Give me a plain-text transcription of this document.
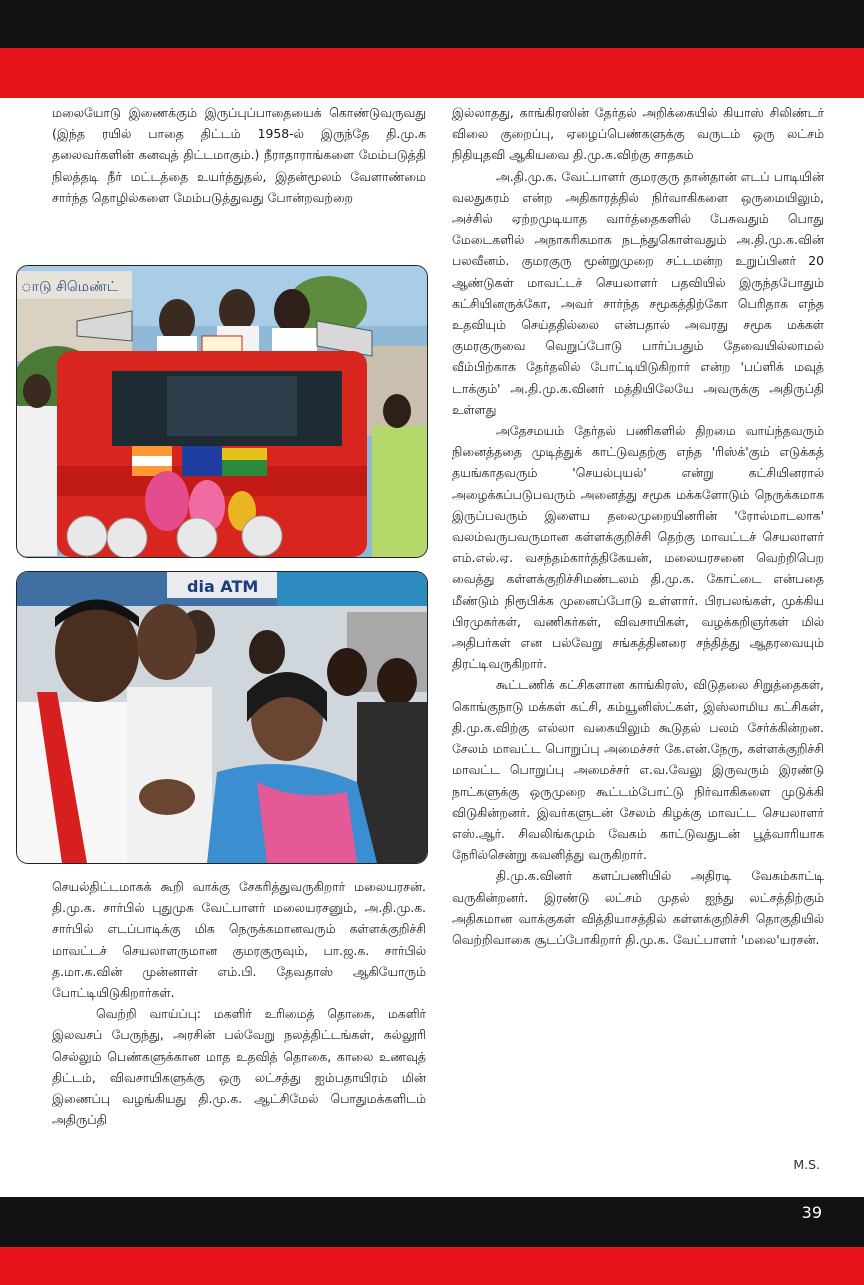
மலையோடு இணைக்கும் இருப்புப்பாதையைக் கொண்டுவருவது (இந்த ரயில் பாதை திட்டம் 1958-ல் இருந்தே தி.மு.க தலைவர்களின் கனவுத் திட்டமாகும்.) நீராதாராங்களை மேம்படுத்தி நிலத்தடி நீர் மட்டத்தை உயர்த்துதல், இதன்மூலம் வேளாண்மை சார்ந்த தொழில்களை மேம்படுத்துவது போன்றவற்றை

ாடு சிமெண்ட்
dia ATM

செயல்திட்டமாகக் கூறி வாக்கு சேகரித்துவருகிறார் மலையரசன். தி.மு.க. சார்பில் புதுமுக வேட்பாளர் மலையரசனும், அ.தி.மு.க. சார்பில் எடப்பாடிக்கு மிக நெருக்கமானவரும் கள்ளக்குறிச்சி மாவட்டச் செயலாளருமான குமரகுருவும், பா.ஜ.க. சார்பில் த.மா.க.வின் முன்னாள் எம்.பி. தேவதாஸ் ஆகியோரும் போட்டியிடுகிறார்கள்.

வெற்றி வாய்ப்பு: மகளிர் உரிமைத் தொகை, மகளிர் இலவசப் பேருந்து, அரசின் பல்வேறு நலத்திட்டங்கள், கல்லூரி செல்லும் பெண்களுக்கான மாத உதவித் தொகை, காலை உணவுத் திட்டம், விவசாயிகளுக்கு ஒரு லட்சத்து ஐம்பதாயிரம் மின் இணைப்பு வழங்கியது தி.மு.க. ஆட்சிமேல் பொதுமக்களிடம் அதிருப்தி

இல்லாதது, காங்கிரஸின் தேர்தல் அறிக்கையில் கியாஸ் சிலிண்டர் விலை குறைப்பு, ஏழைப்பெண்களுக்கு வருடம் ஒரு லட்சம் நிதியுதவி ஆகியவை தி.மு.க.விற்கு சாதகம்

அ.தி.மு.க. வேட்பாளர் குமரகுரு தான்தான் எடப் பாடியின் வலதுகரம் என்ற அதிகாரத்தில் நிர்வாகிகளை ஒருமையிலும், அச்சில் ஏற்றமுடியாத வார்த்தைகளில் பேசுவதும் பொது மேடைகளில் அநாகரிகமாக நடந்துகொள்வதும் அ.தி.மு.க.வின் பலவீனம். குமரகுரு மூன்றுமுறை சட்டமன்ற உறுப்பினர் 20 ஆண்டுகள் மாவட்டச் செயலாளர் பதவியில் இருந்தபோதும் கட்சியினருக்கோ, அவர் சார்ந்த சமூகத்திற்கோ பெரிதாக எந்த உதவியும் செய்ததில்லை என்பதால் அவரது சமூக மக்கள் குமரகுருவை வெறுப்போடு பார்ப்பதும் தேவையில்லாமல் வீம்பிற்காக தேர்தலில் போட்டியிடுகிறார் என்ற 'பப்ளிக் மவுத் டாக்கும்' அ.தி.மு.க.வினர் மத்தியிலேயே அவருக்கு அதிருப்தி உள்ளது

அதேசமயம் தேர்தல் பணிகளில் திறமை வாய்ந்தவரும் நினைத்ததை முடித்துக் காட்டுவதற்கு எந்த 'ரிஸ்க்'கும் எடுக்கத் தயங்காதவரும் 'செயல்புயல்' என்று கட்சியினரால் அழைக்கப்படுபவரும் அனைத்து சமூக மக்களோடும் நெருக்கமாக இருப்பவரும் இளைய தலைமுறையினரின் 'ரோல்மாடலாக' வலம்வருபவருமான கள்ளக்குறிச்சி தெற்கு மாவட்டச் செயலாளர் எம்.எல்.ஏ. வசந்தம்கார்த்திகேயன், மலையரசனை வெற்றிபெற வைத்து கள்ளக்குறிச்சிமண்டலம் தி.மு.க. கோட்டை என்பதை மீண்டும் நிரூபிக்க முனைப்போடு உள்ளார். பிரபலங்கள், முக்கிய பிரமுகர்கள், வணிகர்கள், விவசாயிகள், வழக்கறிஞர்கள் மில் அதிபர்கள் என பல்வேறு சங்கத்தினரை சந்தித்து ஆதரவையும் திரட்டிவருகிறார்.

கூட்டணிக் கட்சிகளான காங்கிரஸ், விடுதலை சிறுத்தைகள், கொங்குநாடு மக்கள் கட்சி, கம்யூனிஸ்ட்கள், இஸ்லாமிய கட்சிகள், தி.மு.க.விற்கு எல்லா வகையிலும் கூடுதல் பலம் சேர்க்கின்றன. சேலம் மாவட்ட பொறுப்பு அமைச்சர் கே.என்.நேரு, கள்ளக்குறிச்சி மாவட்ட பொறுப்பு அமைச்சர் எ.வ.வேலு இருவரும் இரண்டு நாட்களுக்கு ஒருமுறை கூட்டம்போட்டு நிர்வாகிகளை முடுக்கி விடுகின்றனர். இவர்களுடன் சேலம் கிழக்கு மாவட்ட செயலாளர் எஸ்.ஆர். சிவலிங்கமும் வேகம் காட்டுவதுடன் பூத்வாரியாக நேரில்சென்று கவனித்து வருகிறார்.

தி.மு.க.வினர் களப்பணியில் அதிரடி வேகம்காட்டி வருகின்றனர். இரண்டு லட்சம் முதல் ஐந்து லட்சத்திற்கும் அதிகமான வாக்குகள் வித்தியாசத்தில் கள்ளக்குறிச்சி தொகுதியில் வெற்றிவாகை சூடப்போகிறார் தி.மு.க. வேட்பாளர் 'மலை'யரசன்.

M.S.
39
